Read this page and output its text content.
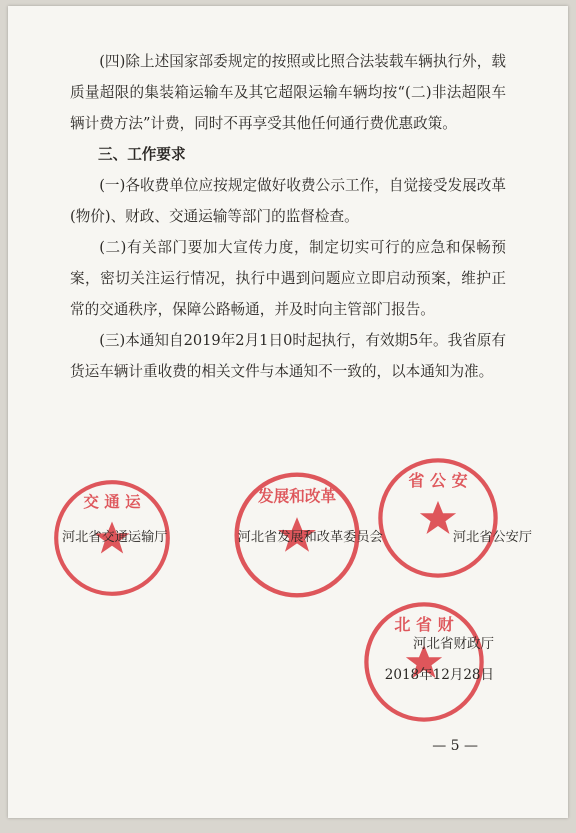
(四)除上述国家部委规定的按照或比照合法装载车辆执行外，载质量超限的集装箱运输车及其它超限运输车辆均按“(二)非法超限车辆计费方法”计费，同时不再享受其他任何通行费优惠政策。

三、工作要求

(一)各收费单位应按规定做好收费公示工作，自觉接受发展改革(物价)、财政、交通运输等部门的监督检查。

(二)有关部门要加大宣传力度，制定切实可行的应急和保畅预案，密切关注运行情况，执行中遇到问题应立即启动预案，维护正常的交通秩序，保障公路畅通，并及时向主管部门报告。

(三)本通知自2019年2月1日0时起执行，有效期5年。我省原有货运车辆计重收费的相关文件与本通知不一致的，以本通知为准。

交 通 运	发展和改革
省 公 安
北 省 财
河北省交通运输厅	河北省发展和改革委员会	河北省公安厅
河北省财政厅
2018年12月28日
— 5 —
